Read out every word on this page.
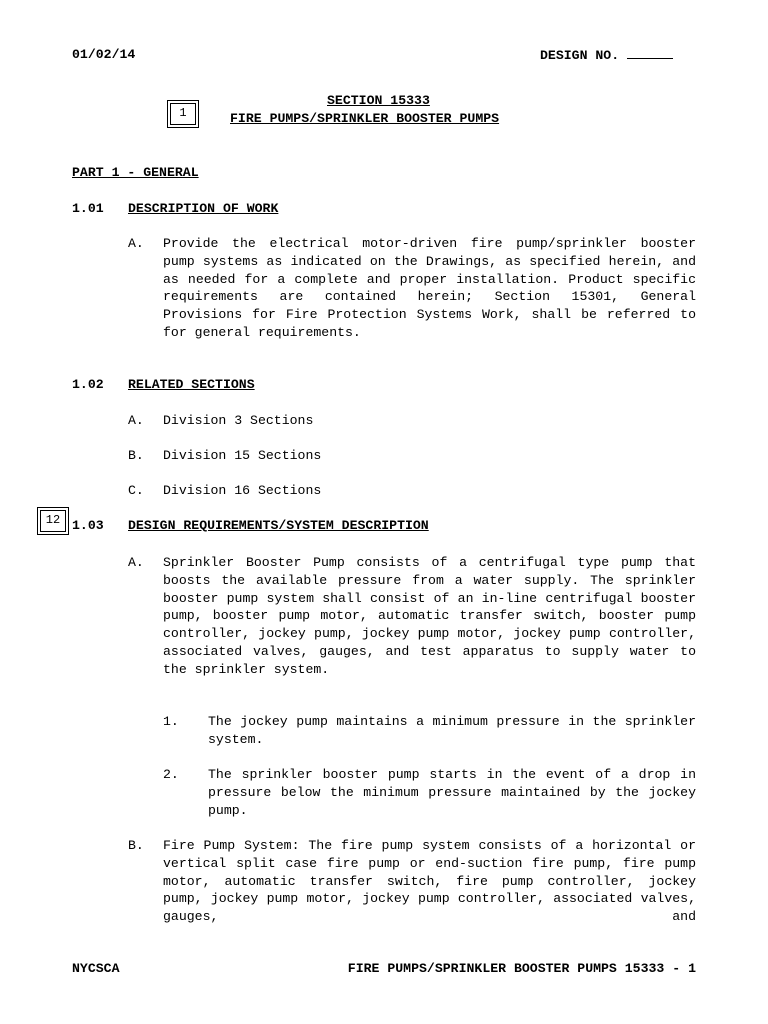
01/02/14	DESIGN NO.
1
SECTION 15333
FIRE PUMPS/SPRINKLER BOOSTER PUMPS
PART 1 - GENERAL
1.01 DESCRIPTION OF WORK
A. Provide the electrical motor-driven fire pump/sprinkler booster pump systems as indicated on the Drawings, as specified herein, and as needed for a complete and proper installation. Product specific requirements are contained herein; Section 15301, General Provisions for Fire Protection Systems Work, shall be referred to for general requirements.
1.02 RELATED SECTIONS
A. Division 3 Sections
B. Division 15 Sections
C. Division 16 Sections
12 1.03 DESIGN REQUIREMENTS/SYSTEM DESCRIPTION
A. Sprinkler Booster Pump consists of a centrifugal type pump that boosts the available pressure from a water supply. The sprinkler booster pump system shall consist of an in-line centrifugal booster pump, booster pump motor, automatic transfer switch, booster pump controller, jockey pump, jockey pump motor, jockey pump controller, associated valves, gauges, and test apparatus to supply water to the sprinkler system.
1. The jockey pump maintains a minimum pressure in the sprinkler system.
2. The sprinkler booster pump starts in the event of a drop in pressure below the minimum pressure maintained by the jockey pump.
B. Fire Pump System: The fire pump system consists of a horizontal or vertical split case fire pump or end-suction fire pump, fire pump motor, automatic transfer switch, fire pump controller, jockey pump, jockey pump motor, jockey pump controller, associated valves, gauges, and
NYCSCA	FIRE PUMPS/SPRINKLER BOOSTER PUMPS 15333 - 1
